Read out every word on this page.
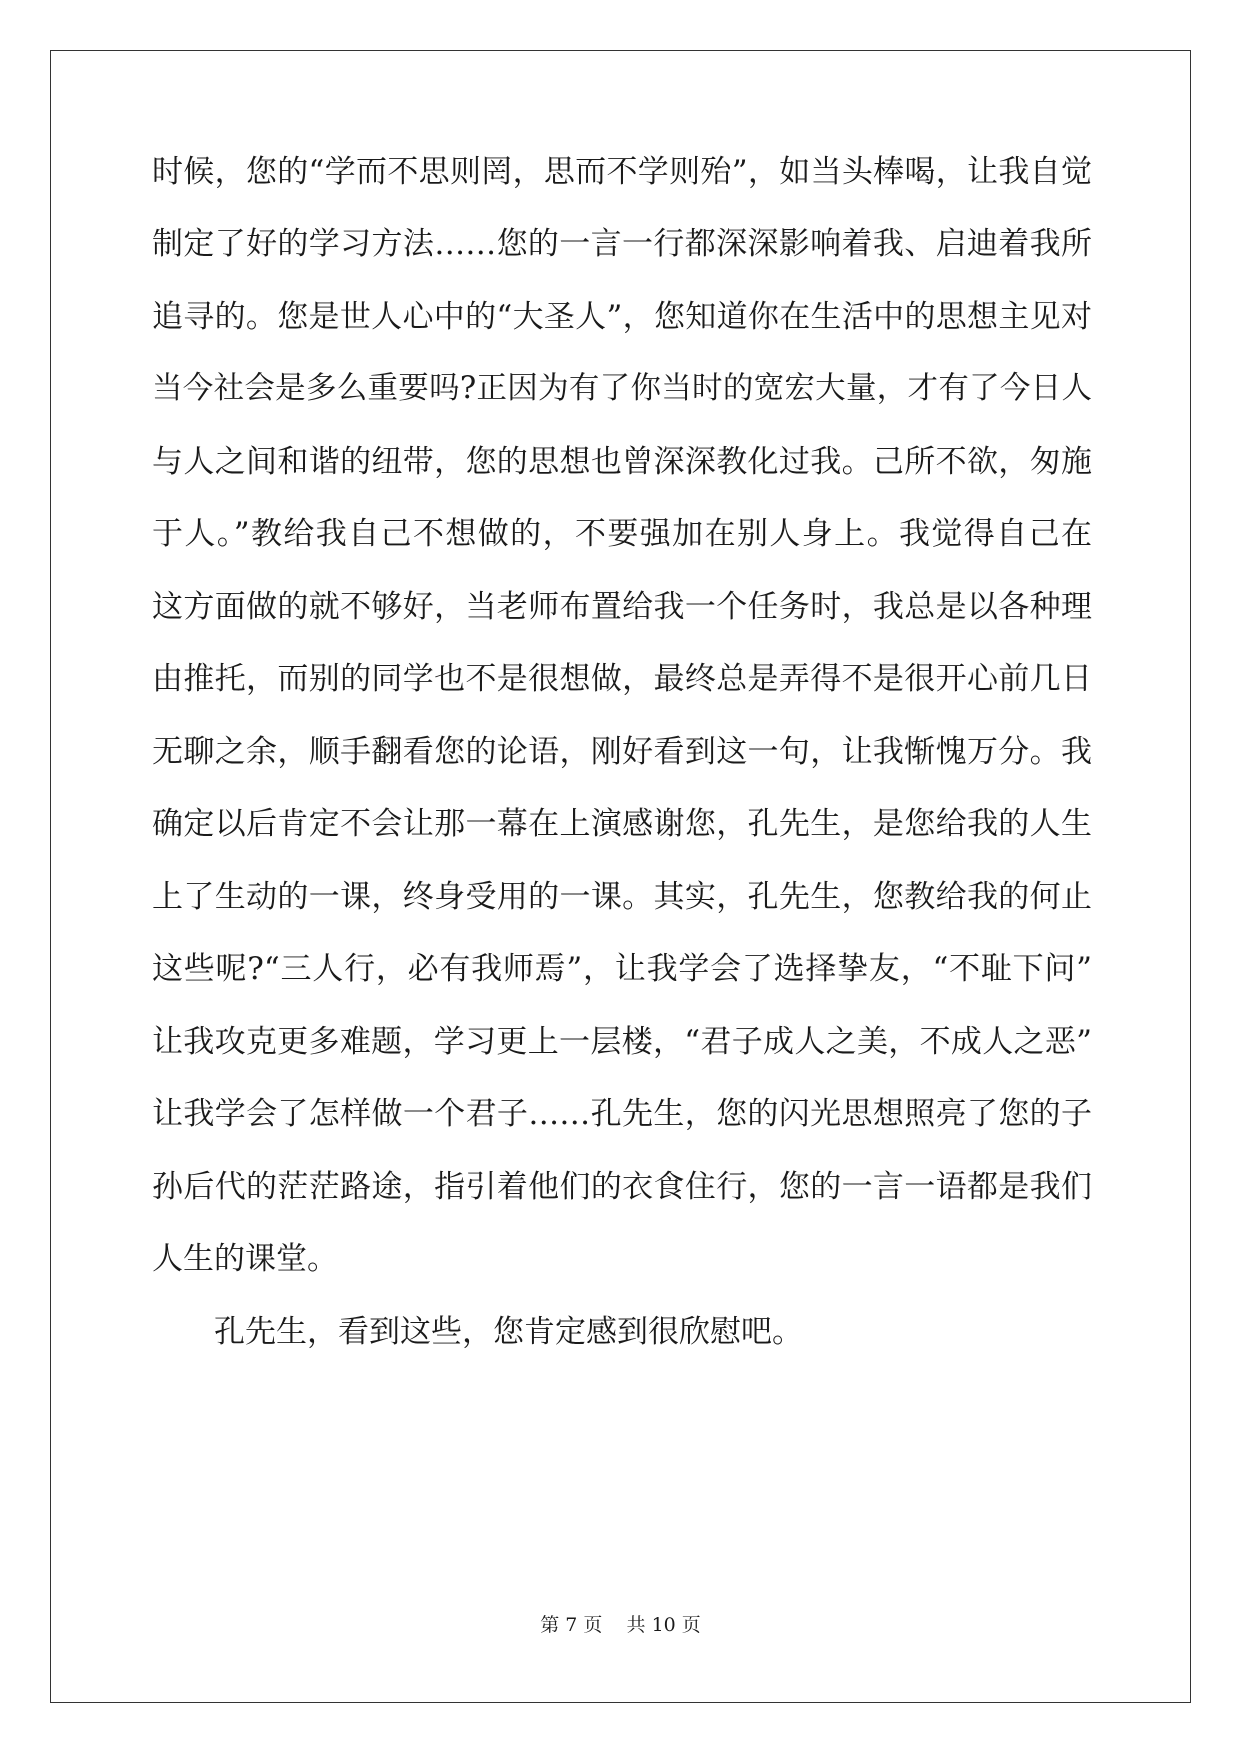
时候，您的“学而不思则罔，思而不学则殆”，如当头棒喝，让我自觉
制定了好的学习方法……您的一言一行都深深影响着我、启迪着我所
追寻的。您是世人心中的“大圣人”，您知道你在生活中的思想主见对
当今社会是多么重要吗?正因为有了你当时的宽宏大量，才有了今日人
与人之间和谐的纽带，您的思想也曾深深教化过我。己所不欲，匆施
于人。”教给我自己不想做的，不要强加在别人身上。我觉得自己在
这方面做的就不够好，当老师布置给我一个任务时，我总是以各种理
由推托，而别的同学也不是很想做，最终总是弄得不是很开心前几日
无聊之余，顺手翻看您的论语，刚好看到这一句，让我惭愧万分。我
确定以后肯定不会让那一幕在上演感谢您，孔先生，是您给我的人生
上了生动的一课，终身受用的一课。其实，孔先生，您教给我的何止
这些呢?“三人行，必有我师焉”，让我学会了选择挚友，“不耻下问”
让我攻克更多难题，学习更上一层楼，“君子成人之美，不成人之恶”
让我学会了怎样做一个君子……孔先生，您的闪光思想照亮了您的子
孙后代的茫茫路途，指引着他们的衣食住行，您的一言一语都是我们
人生的课堂。
孔先生，看到这些，您肯定感到很欣慰吧。
第 7 页    共 10 页
